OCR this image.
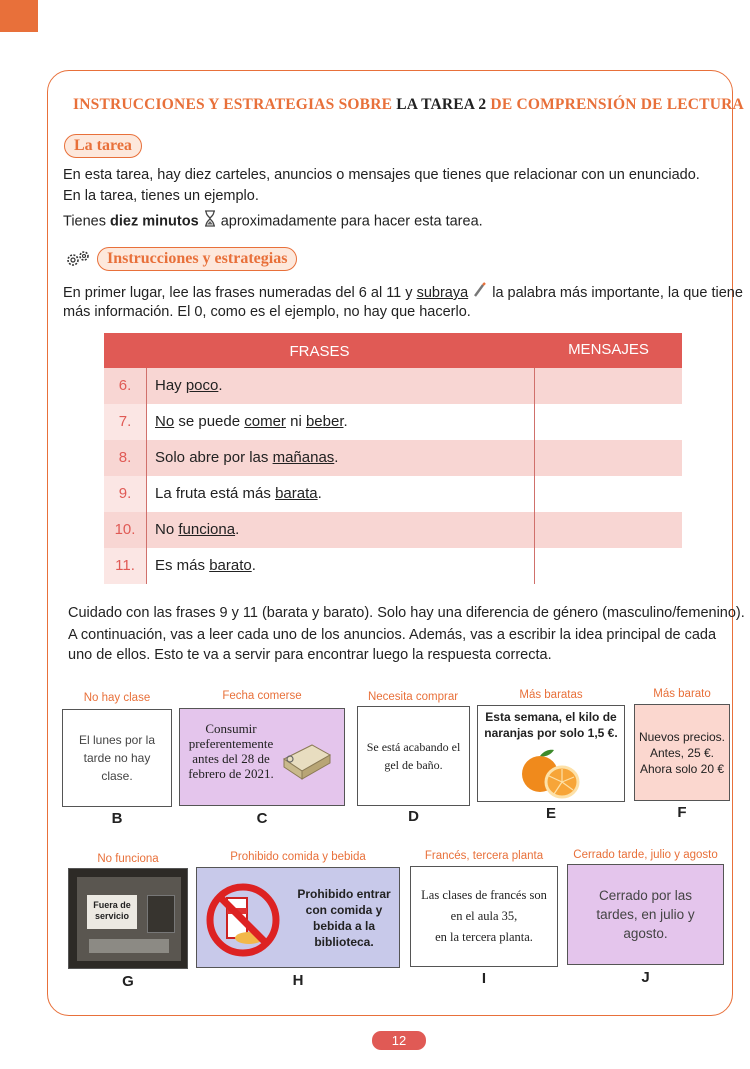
INSTRUCCIONES Y ESTRATEGIAS SOBRE LA TAREA 2 DE COMPRENSIÓN DE LECTURA
La tarea
En esta tarea, hay diez carteles, anuncios o mensajes que tienes que relacionar con un enunciado.
En la tarea, tienes un ejemplo.
Tienes diez minutos  aproximadamente para hacer esta tarea.
Instrucciones y estrategias
En primer lugar, lee las frases numeradas del 6 al 11 y subraya  la palabra más importante, la que tiene
más información. El 0, como es el ejemplo, no hay que hacerlo.
FRASES	MENSAJES
6.	Hay poco.
7.	No se puede comer ni beber.
8.	Solo abre por las mañanas.
9.	La fruta está más barata.
10.	No funciona.
11.	Es más barato.
Cuidado con las frases 9 y 11 (barata y barato). Solo hay una diferencia de género (masculino/femenino).
A continuación, vas a leer cada uno de los anuncios. Además, vas a escribir la idea principal de cada
uno de ellos. Esto te va a servir para encontrar luego la respuesta correcta.
No hay clase
El lunes por la tarde no hay clase.
B
Fecha comerse
Consumir preferentemente antes del 28 de febrero de 2021.
C
Necesita comprar
Se está acabando el gel de baño.
D
Más baratas
Esta semana, el kilo de naranjas por solo 1,5 €.
E
Más barato
Nuevos precios.
Antes, 25 €.
Ahora solo 20 €
F
No funciona
Fuera de servicio
G
Prohibido comida y bebida
Prohibido entrar con comida y bebida a la biblioteca.
H
Francés, tercera planta
Las clases de francés son
en el aula 35,
en la tercera planta.
I
Cerrado tarde, julio y agosto
Cerrado por las tardes, en julio y agosto.
J
12
